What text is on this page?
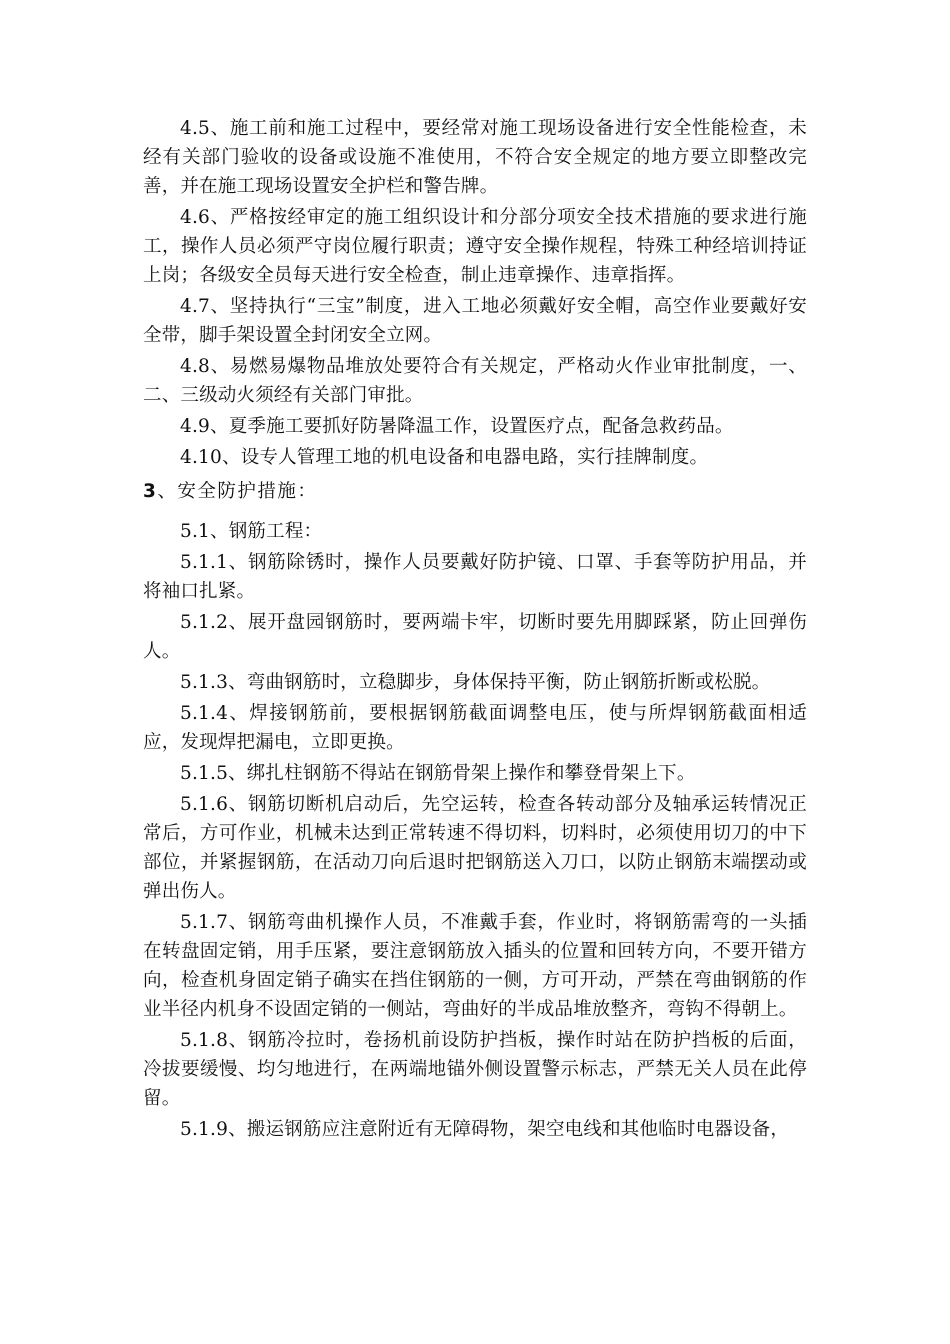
4.5、施工前和施工过程中，要经常对施工现场设备进行安全性能检查，未经有关部门验收的设备或设施不准使用，不符合安全规定的地方要立即整改完善，并在施工现场设置安全护栏和警告牌。

4.6、严格按经审定的施工组织设计和分部分项安全技术措施的要求进行施工，操作人员必须严守岗位履行职责；遵守安全操作规程，特殊工种经培训持证上岗；各级安全员每天进行安全检查，制止违章操作、违章指挥。

4.7、坚持执行“三宝”制度，进入工地必须戴好安全帽，高空作业要戴好安全带，脚手架设置全封闭安全立网。

4.8、易燃易爆物品堆放处要符合有关规定，严格动火作业审批制度，一、二、三级动火须经有关部门审批。

4.9、夏季施工要抓好防暑降温工作，设置医疗点，配备急救药品。

4.10、设专人管理工地的机电设备和电器电路，实行挂牌制度。

3、安全防护措施：

5.1、钢筋工程：

5.1.1、钢筋除锈时，操作人员要戴好防护镜、口罩、手套等防护用品，并将袖口扎紧。

5.1.2、展开盘园钢筋时，要两端卡牢，切断时要先用脚踩紧，防止回弹伤人。

5.1.3、弯曲钢筋时，立稳脚步，身体保持平衡，防止钢筋折断或松脱。

5.1.4、焊接钢筋前，要根据钢筋截面调整电压，使与所焊钢筋截面相适应，发现焊把漏电，立即更换。

5.1.5、绑扎柱钢筋不得站在钢筋骨架上操作和攀登骨架上下。

5.1.6、钢筋切断机启动后，先空运转，检查各转动部分及轴承运转情况正常后，方可作业，机械未达到正常转速不得切料，切料时，必须使用切刀的中下部位，并紧握钢筋，在活动刀向后退时把钢筋送入刀口，以防止钢筋末端摆动或弹出伤人。

5.1.7、钢筋弯曲机操作人员，不准戴手套，作业时，将钢筋需弯的一头插在转盘固定销，用手压紧，要注意钢筋放入插头的位置和回转方向，不要开错方向，检查机身固定销子确实在挡住钢筋的一侧，方可开动，严禁在弯曲钢筋的作业半径内机身不设固定销的一侧站，弯曲好的半成品堆放整齐，弯钩不得朝上。

5.1.8、钢筋冷拉时，卷扬机前设防护挡板，操作时站在防护挡板的后面，冷拔要缓慢、均匀地进行，在两端地锚外侧设置警示标志，严禁无关人员在此停留。

5.1.9、搬运钢筋应注意附近有无障碍物，架空电线和其他临时电器设备，
